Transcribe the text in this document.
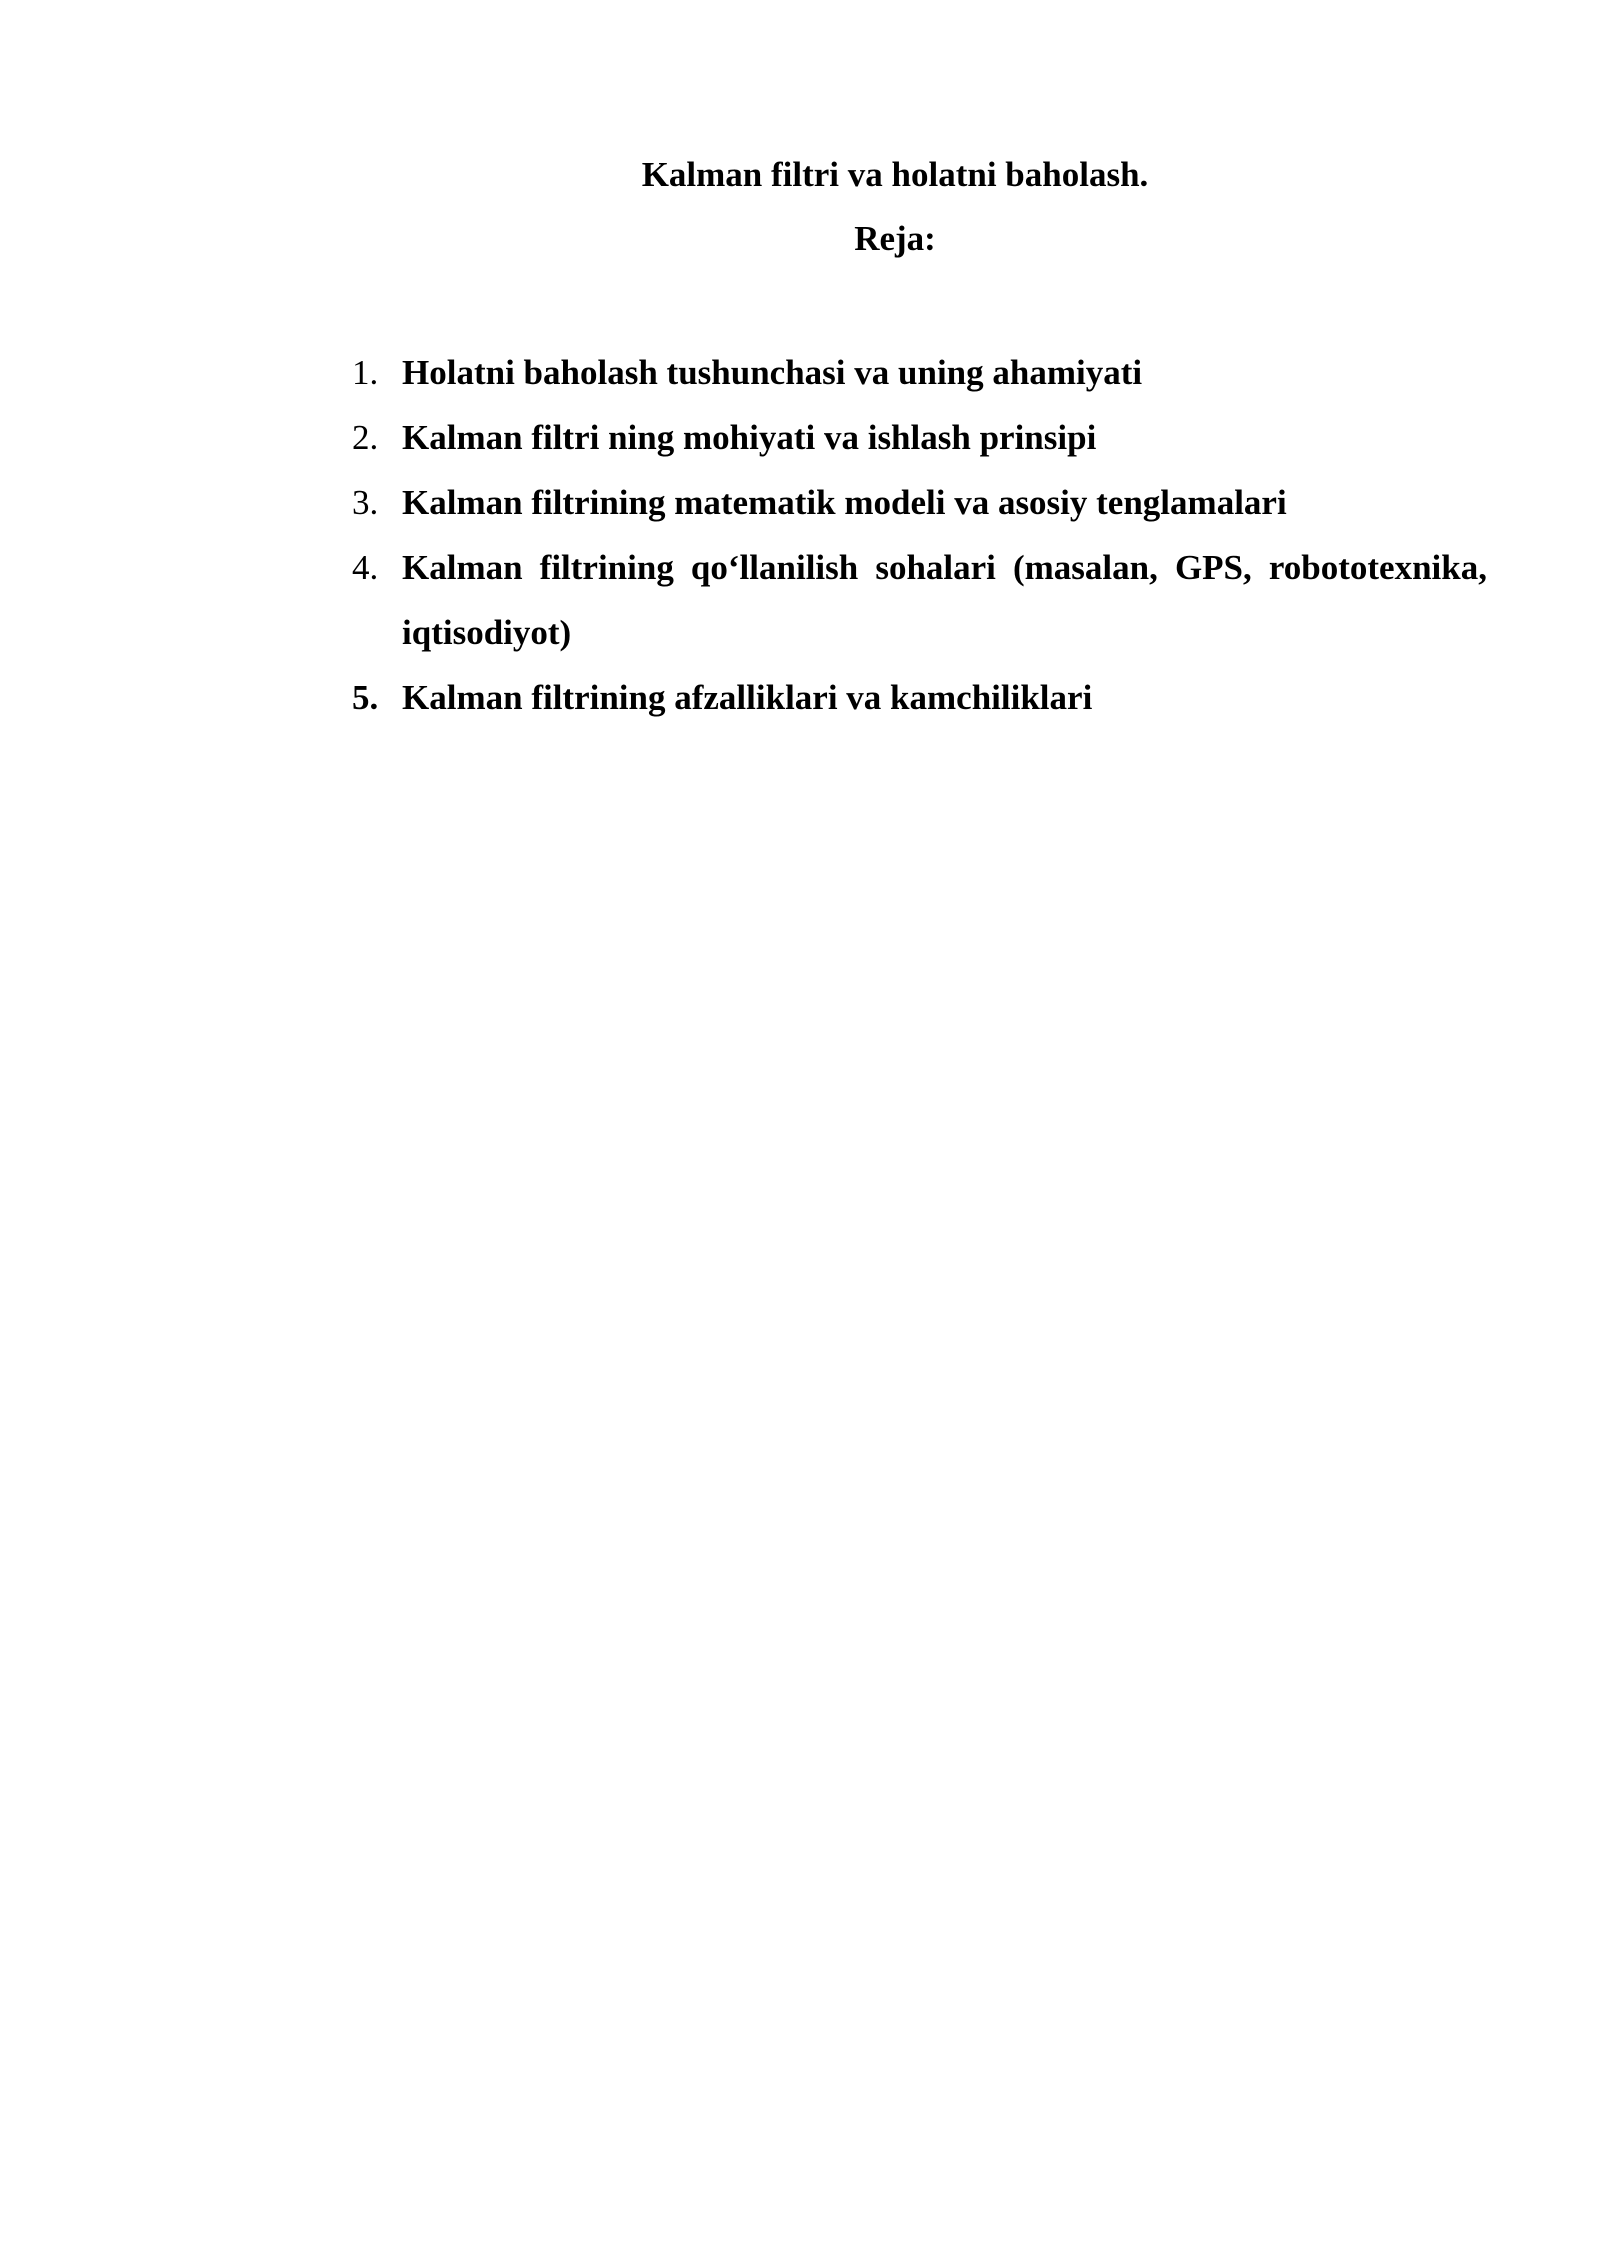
Kalman filtri va holatni baholash.
Reja:
1. Holatni baholash tushunchasi va uning ahamiyati
2. Kalman filtri ning mohiyati va ishlash prinsipi
3. Kalman filtrining matematik modeli va asosiy tenglamalari
4. Kalman filtrining qo‘llanilish sohalari (masalan, GPS, robototexnika, iqtisodiyot)
5. Kalman filtrining afzalliklari va kamchiliklari
